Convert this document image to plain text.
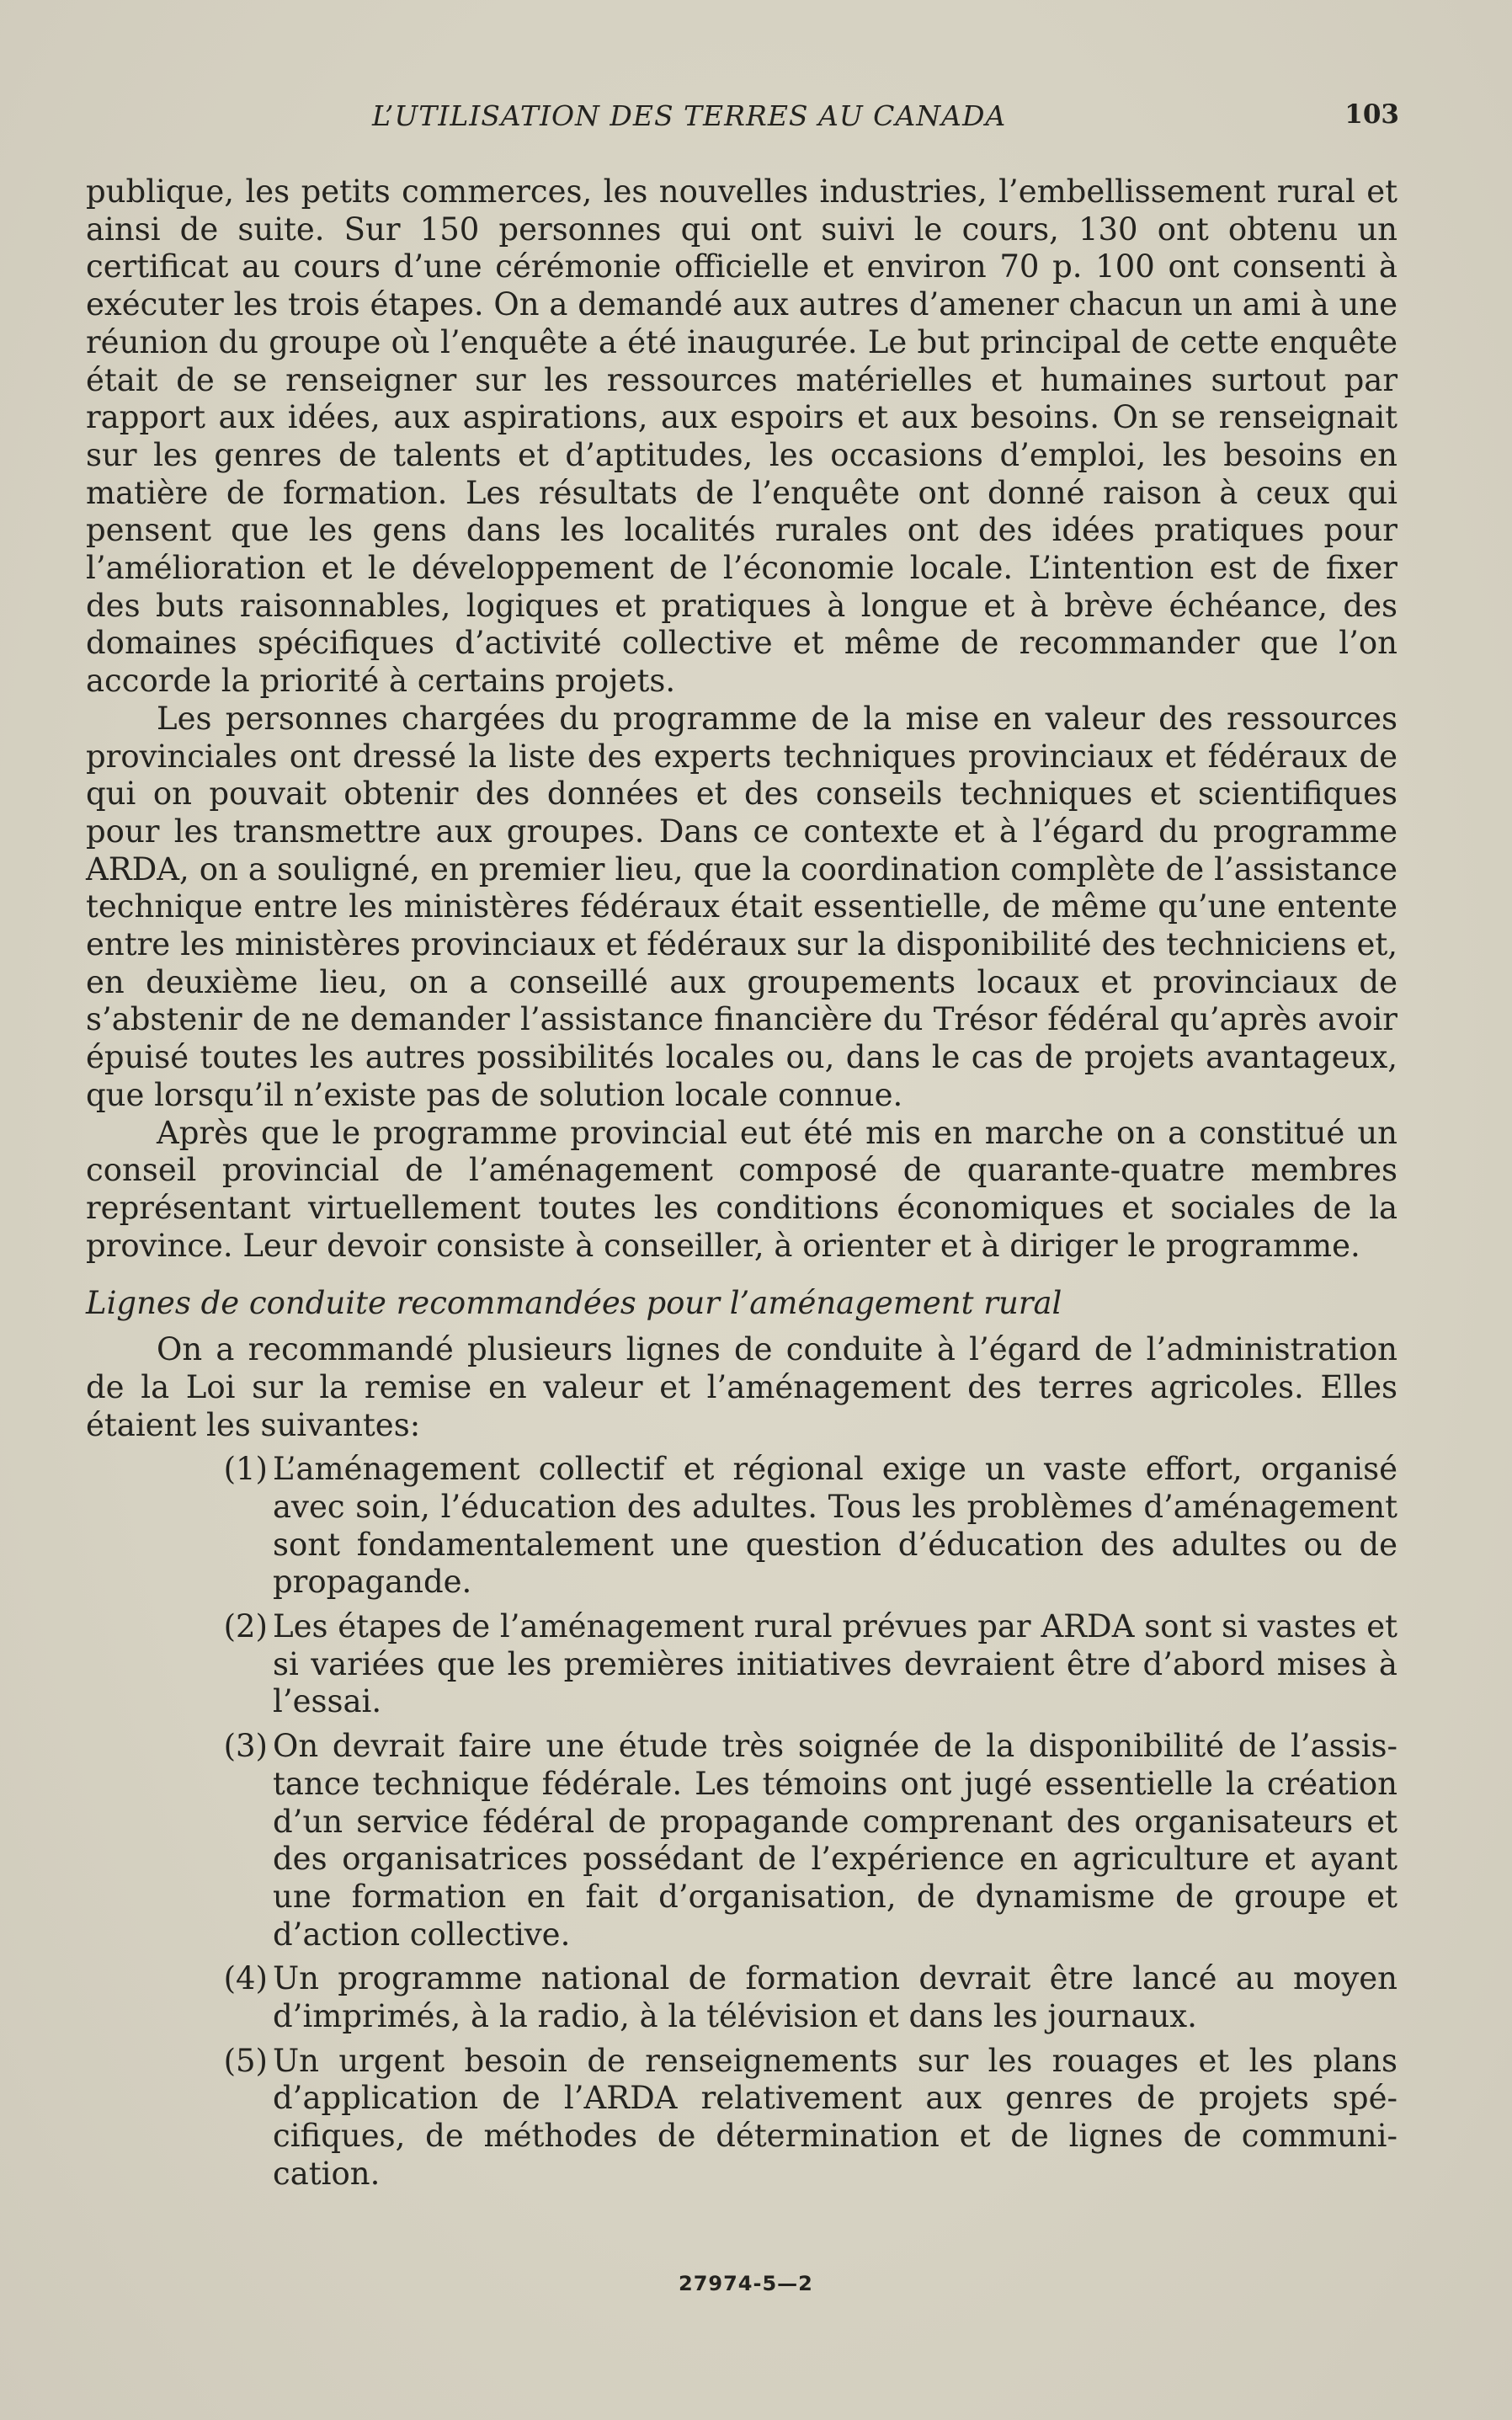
L’UTILISATION DES TERRES AU CANADA	103

publique, les petits commerces, les nouvelles industries, l’embellissement rural et ainsi de suite. Sur 150 personnes qui ont suivi le cours, 130 ont obtenu un certificat au cours d’une cérémonie officielle et environ 70 p. 100 ont consenti à exécuter les trois étapes. On a demandé aux autres d’amener chacun un ami à une réunion du groupe où l’enquête a été inaugurée. Le but principal de cette enquête était de se renseigner sur les ressources matérielles et humaines surtout par rapport aux idées, aux aspirations, aux espoirs et aux besoins. On se renseignait sur les genres de talents et d’aptitudes, les occasions d’emploi, les besoins en matière de formation. Les résultats de l’enquête ont donné raison à ceux qui pensent que les gens dans les localités rurales ont des idées pratiques pour l’amélioration et le développement de l’économie locale. L’intention est de fixer des buts raisonnables, logiques et pratiques à longue et à brève échéance, des domaines spécifiques d’activité collective et même de recommander que l’on accorde la priorité à certains projets.

Les personnes chargées du programme de la mise en valeur des ressources provinciales ont dressé la liste des experts techniques provinciaux et fédéraux de qui on pouvait obtenir des données et des conseils techniques et scientifiques pour les transmettre aux groupes. Dans ce contexte et à l’égard du programme ARDA, on a souligné, en premier lieu, que la coordination complète de l’assistance technique entre les ministères fédéraux était essentielle, de même qu’une entente entre les ministères provinciaux et fédéraux sur la disponibilité des techniciens et, en deuxième lieu, on a conseillé aux groupements locaux et provinciaux de s’abstenir de ne demander l’assistance financière du Trésor fédéral qu’après avoir épuisé toutes les autres possibilités locales ou, dans le cas de projets avantageux, que lorsqu’il n’existe pas de solution locale connue.

Après que le programme provincial eut été mis en marche on a constitué un conseil provincial de l’aménagement composé de quarante-quatre membres représentant virtuellement toutes les conditions économiques et sociales de la province. Leur devoir consiste à conseiller, à orienter et à diriger le programme.

Lignes de conduite recommandées pour l’aménagement rural

On a recommandé plusieurs lignes de conduite à l’égard de l’administration de la Loi sur la remise en valeur et l’aménagement des terres agricoles. Elles étaient les suivantes:

(1) L’aménagement collectif et régional exige un vaste effort, organisé avec soin, l’éducation des adultes. Tous les problèmes d’aménagement sont fondamentalement une question d’éducation des adultes ou de propagande.
(2) Les étapes de l’aménagement rural prévues par ARDA sont si vastes et si variées que les premières initiatives devraient être d’abord mises à l’essai.
(3) On devrait faire une étude très soignée de la disponibilité de l’assistance technique fédérale. Les témoins ont jugé essentielle la création d’un service fédéral de propagande comprenant des organisateurs et des organisatrices possédant de l’expérience en agriculture et ayant une formation en fait d’organisation, de dynamisme de groupe et d’action collective.
(4) Un programme national de formation devrait être lancé au moyen d’imprimés, à la radio, à la télévision et dans les journaux.
(5) Un urgent besoin de renseignements sur les rouages et les plans d’application de l’ARDA relativement aux genres de projets spécifiques, de méthodes de détermination et de lignes de communication.
27974-5—2
